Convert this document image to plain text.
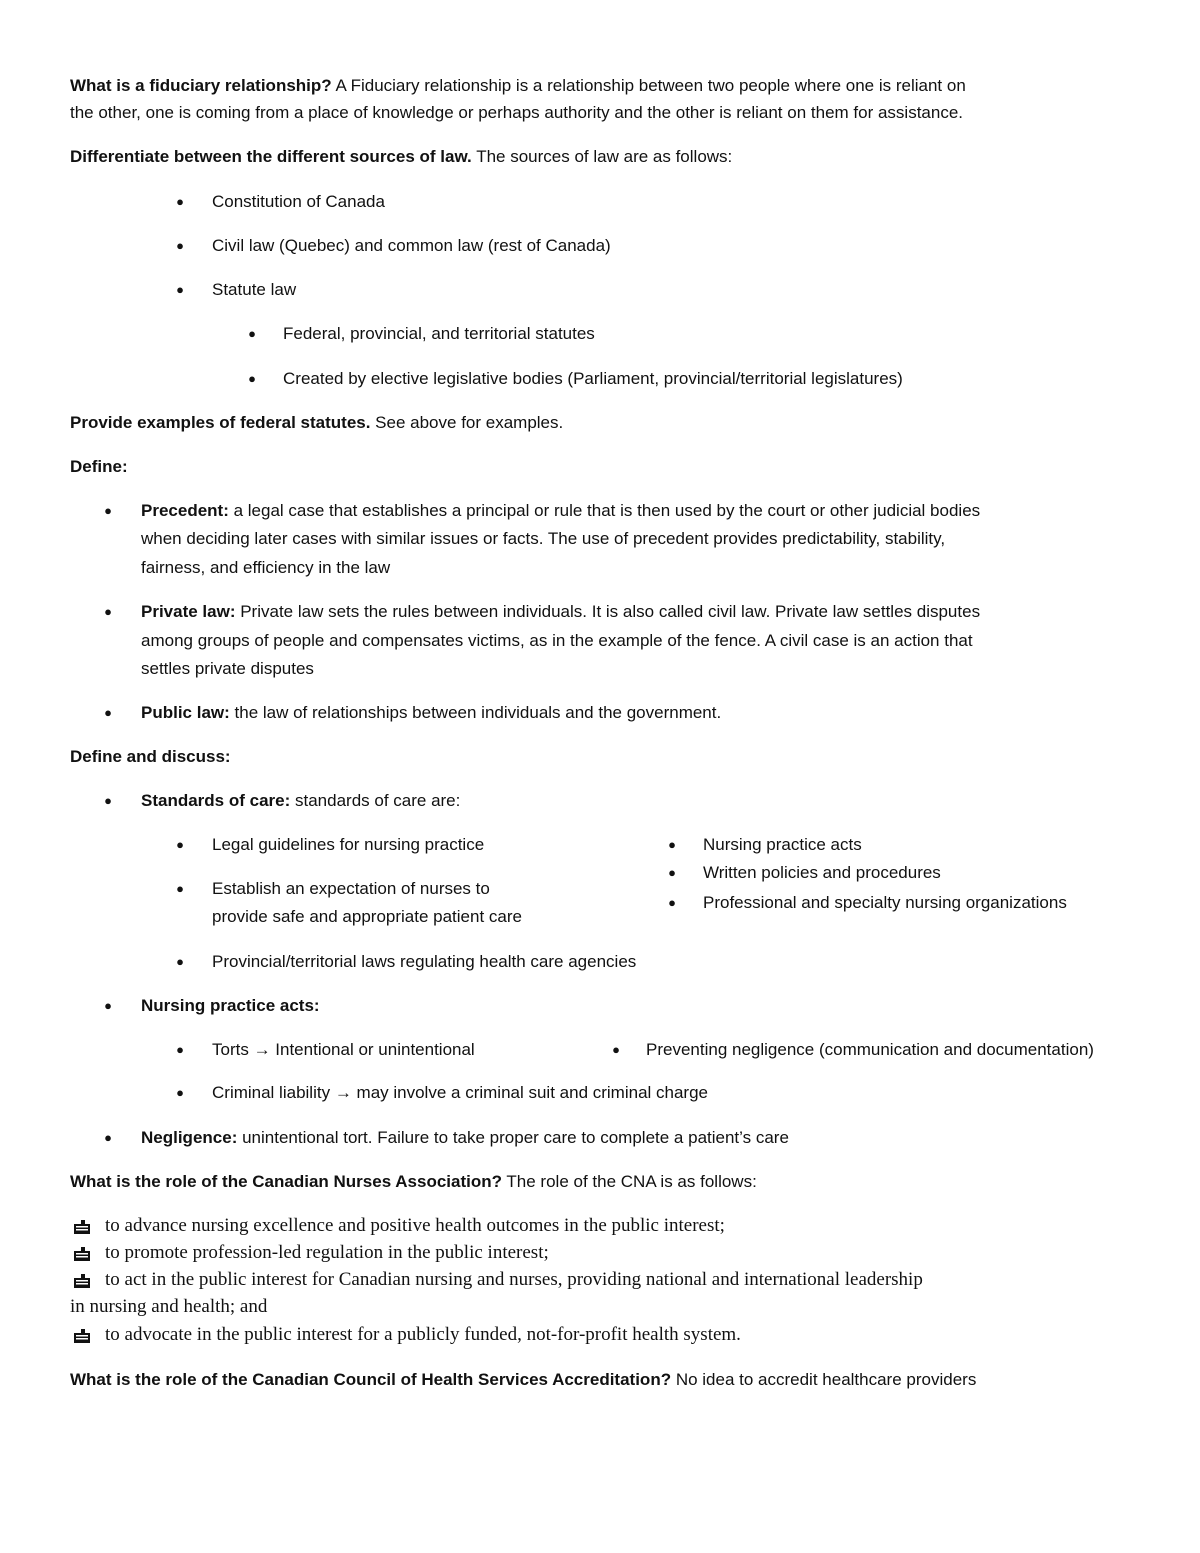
What is a fiduciary relationship? A Fiduciary relationship is a relationship between two people where one is reliant on
the other, one is coming from a place of knowledge or perhaps authority and the other is reliant on them for assistance.
Differentiate between the different sources of law. The sources of law are as follows:
● Constitution of Canada
● Civil law (Quebec) and common law (rest of Canada)
● Statute law
● Federal, provincial, and territorial statutes
● Created by elective legislative bodies (Parliament, provincial/territorial legislatures)
Provide examples of federal statutes. See above for examples.
Define:
● Precedent: a legal case that establishes a principal or rule that is then used by the court or other judicial bodies
when deciding later cases with similar issues or facts. The use of precedent provides predictability, stability,
fairness, and efficiency in the law
● Private law: Private law sets the rules between individuals. It is also called civil law. Private law settles disputes
among groups of people and compensates victims, as in the example of the fence. A civil case is an action that
settles private disputes
● Public law: the law of relationships between individuals and the government.
Define and discuss:
● Standards of care: standards of care are:
● Legal guidelines for nursing practice
● Establish an expectation of nurses to
provide safe and appropriate patient care
● Nursing practice acts
● Written policies and procedures
● Professional and specialty nursing organizations
● Provincial/territorial laws regulating health care agencies
● Nursing practice acts:
● Torts → Intentional or unintentional	● Preventing negligence (communication and documentation)
● Criminal liability → may involve a criminal suit and criminal charge
● Negligence: unintentional tort. Failure to take proper care to complete a patient’s care
What is the role of the Canadian Nurses Association? The role of the CNA is as follows:
to advance nursing excellence and positive health outcomes in the public interest;
to promote profession-led regulation in the public interest;
to act in the public interest for Canadian nursing and nurses, providing national and international leadership
in nursing and health; and
to advocate in the public interest for a publicly funded, not-for-profit health system.
What is the role of the Canadian Council of Health Services Accreditation? No idea to accredit healthcare providers
